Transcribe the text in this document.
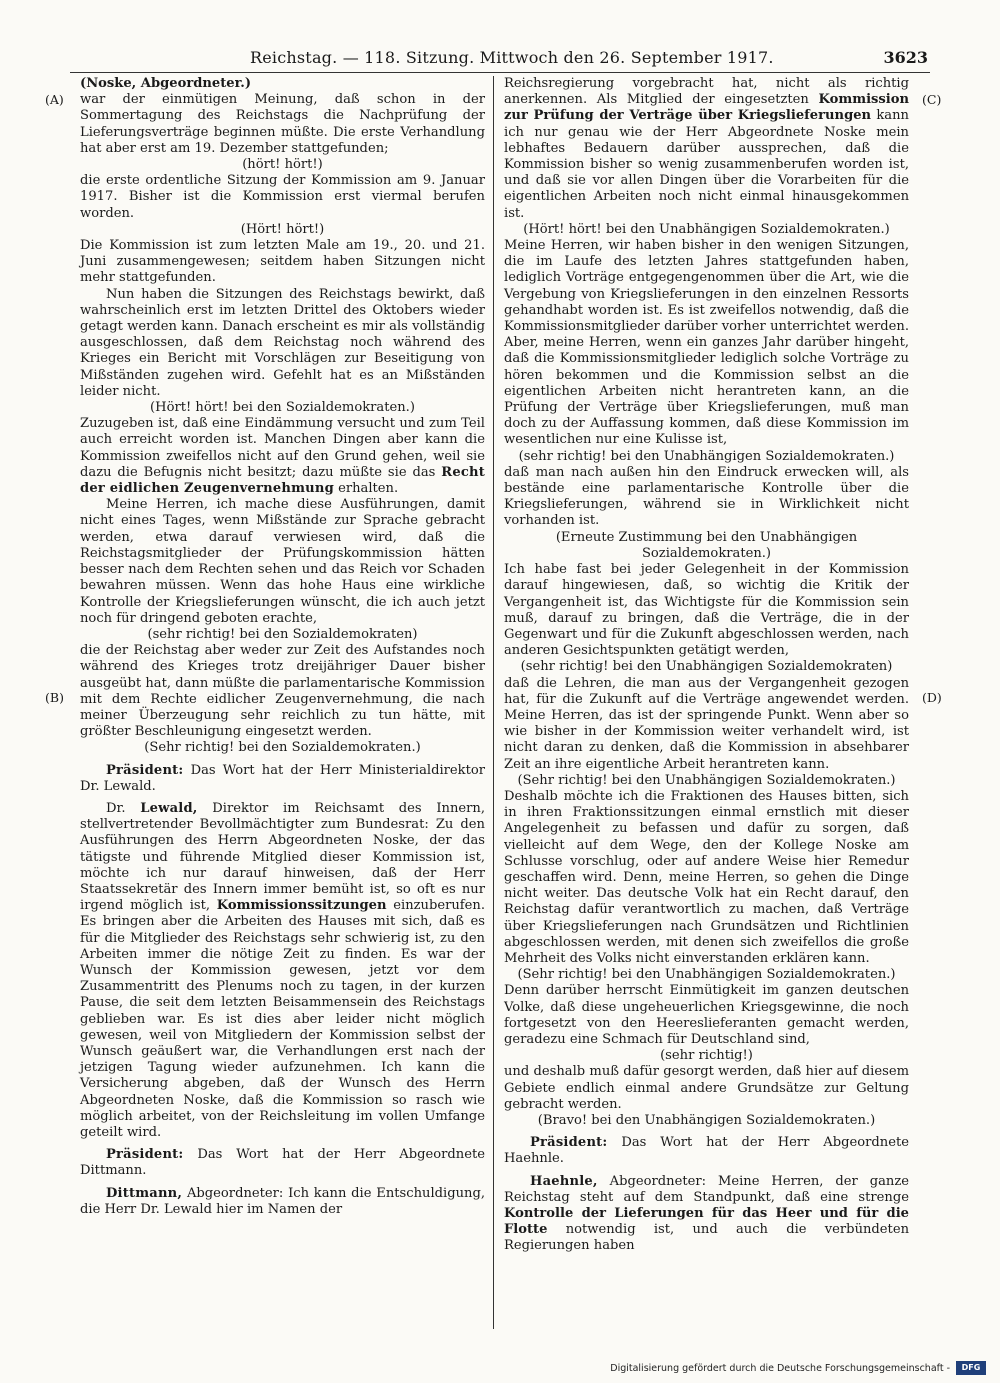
Reichstag. — 118. Sitzung. Mittwoch den 26. September 1917.	3623
(A)
(B)
(C)
(D)

(Noske, Abgeordneter.)

war der einmütigen Meinung, daß schon in der Sommertagung des Reichstags die Nachprüfung der Lieferungsverträge beginnen müßte. Die erste Verhandlung hat aber erst am 19. Dezember stattgefunden;

(hört! hört!)

die erste ordentliche Sitzung der Kommission am 9. Januar 1917. Bisher ist die Kommission erst viermal berufen worden.

(Hört! hört!)

Die Kommission ist zum letzten Male am 19., 20. und 21. Juni zusammengewesen; seitdem haben Sitzungen nicht mehr stattgefunden.

Nun haben die Sitzungen des Reichstags bewirkt, daß wahrscheinlich erst im letzten Drittel des Oktobers wieder getagt werden kann. Danach erscheint es mir als vollständig ausgeschlossen, daß dem Reichstag noch während des Krieges ein Bericht mit Vorschlägen zur Beseitigung von Mißständen zugehen wird. Gefehlt hat es an Mißständen leider nicht.

(Hört! hört! bei den Sozialdemokraten.)

Zuzugeben ist, daß eine Eindämmung versucht und zum Teil auch erreicht worden ist. Manchen Dingen aber kann die Kommission zweifellos nicht auf den Grund gehen, weil sie dazu die Befugnis nicht besitzt; dazu müßte sie das Recht der eidlichen Zeugenvernehmung erhalten.

Meine Herren, ich mache diese Ausführungen, damit nicht eines Tages, wenn Mißstände zur Sprache gebracht werden, etwa darauf verwiesen wird, daß die Reichstagsmitglieder der Prüfungskommission hätten besser nach dem Rechten sehen und das Reich vor Schaden bewahren müssen. Wenn das hohe Haus eine wirkliche Kontrolle der Kriegslieferungen wünscht, die ich auch jetzt noch für dringend geboten erachte,

(sehr richtig! bei den Sozialdemokraten)

die der Reichstag aber weder zur Zeit des Aufstandes noch während des Krieges trotz dreijähriger Dauer bisher ausgeübt hat, dann müßte die parlamentarische Kommission mit dem Rechte eidlicher Zeugenvernehmung, die nach meiner Überzeugung sehr reichlich zu tun hätte, mit größter Beschleunigung eingesetzt werden.

(Sehr richtig! bei den Sozialdemokraten.)

Präsident: Das Wort hat der Herr Ministerialdirektor Dr. Lewald.

Dr. Lewald, Direktor im Reichsamt des Innern, stellvertretender Bevollmächtigter zum Bundesrat: Zu den Ausführungen des Herrn Abgeordneten Noske, der das tätigste und führende Mitglied dieser Kommission ist, möchte ich nur darauf hinweisen, daß der Herr Staatssekretär des Innern immer bemüht ist, so oft es nur irgend möglich ist, Kommissionssitzungen einzuberufen. Es bringen aber die Arbeiten des Hauses mit sich, daß es für die Mitglieder des Reichstags sehr schwierig ist, zu den Arbeiten immer die nötige Zeit zu finden. Es war der Wunsch der Kommission gewesen, jetzt vor dem Zusammentritt des Plenums noch zu tagen, in der kurzen Pause, die seit dem letzten Beisammensein des Reichstags geblieben war. Es ist dies aber leider nicht möglich gewesen, weil von Mitgliedern der Kommission selbst der Wunsch geäußert war, die Verhandlungen erst nach der jetzigen Tagung wieder aufzunehmen. Ich kann die Versicherung abgeben, daß der Wunsch des Herrn Abgeordneten Noske, daß die Kommission so rasch wie möglich arbeitet, von der Reichsleitung im vollen Umfange geteilt wird.

Präsident: Das Wort hat der Herr Abgeordnete Dittmann.

Dittmann, Abgeordneter: Ich kann die Entschuldigung, die Herr Dr. Lewald hier im Namen der

Reichsregierung vorgebracht hat, nicht als richtig anerkennen. Als Mitglied der eingesetzten Kommission zur Prüfung der Verträge über Kriegslieferungen kann ich nur genau wie der Herr Abgeordnete Noske mein lebhaftes Bedauern darüber aussprechen, daß die Kommission bisher so wenig zusammenberufen worden ist, und daß sie vor allen Dingen über die Vorarbeiten für die eigentlichen Arbeiten noch nicht einmal hinausgekommen ist.

(Hört! hört! bei den Unabhängigen Sozialdemokraten.)

Meine Herren, wir haben bisher in den wenigen Sitzungen, die im Laufe des letzten Jahres stattgefunden haben, lediglich Vorträge entgegengenommen über die Art, wie die Vergebung von Kriegslieferungen in den einzelnen Ressorts gehandhabt worden ist. Es ist zweifellos notwendig, daß die Kommissionsmitglieder darüber vorher unterrichtet werden. Aber, meine Herren, wenn ein ganzes Jahr darüber hingeht, daß die Kommissionsmitglieder lediglich solche Vorträge zu hören bekommen und die Kommission selbst an die eigentlichen Arbeiten nicht herantreten kann, an die Prüfung der Verträge über Kriegslieferungen, muß man doch zu der Auffassung kommen, daß diese Kommission im wesentlichen nur eine Kulisse ist,

(sehr richtig! bei den Unabhängigen Sozialdemokraten.)

daß man nach außen hin den Eindruck erwecken will, als bestände eine parlamentarische Kontrolle über die Kriegslieferungen, während sie in Wirklichkeit nicht vorhanden ist.

(Erneute Zustimmung bei den Unabhängigen Sozialdemokraten.)

Ich habe fast bei jeder Gelegenheit in der Kommission darauf hingewiesen, daß, so wichtig die Kritik der Vergangenheit ist, das Wichtigste für die Kommission sein muß, darauf zu bringen, daß die Verträge, die in der Gegenwart und für die Zukunft abgeschlossen werden, nach anderen Gesichtspunkten getätigt werden,

(sehr richtig! bei den Unabhängigen Sozialdemokraten)

daß die Lehren, die man aus der Vergangenheit gezogen hat, für die Zukunft auf die Verträge angewendet werden. Meine Herren, das ist der springende Punkt. Wenn aber so wie bisher in der Kommission weiter verhandelt wird, ist nicht daran zu denken, daß die Kommission in absehbarer Zeit an ihre eigentliche Arbeit herantreten kann.

(Sehr richtig! bei den Unabhängigen Sozialdemokraten.)

Deshalb möchte ich die Fraktionen des Hauses bitten, sich in ihren Fraktionssitzungen einmal ernstlich mit dieser Angelegenheit zu befassen und dafür zu sorgen, daß vielleicht auf dem Wege, den der Kollege Noske am Schlusse vorschlug, oder auf andere Weise hier Remedur geschaffen wird. Denn, meine Herren, so gehen die Dinge nicht weiter. Das deutsche Volk hat ein Recht darauf, den Reichstag dafür verantwortlich zu machen, daß Verträge über Kriegslieferungen nach Grundsätzen und Richtlinien abgeschlossen werden, mit denen sich zweifellos die große Mehrheit des Volks nicht einverstanden erklären kann.

(Sehr richtig! bei den Unabhängigen Sozialdemokraten.)

Denn darüber herrscht Einmütigkeit im ganzen deutschen Volke, daß diese ungeheuerlichen Kriegsgewinne, die noch fortgesetzt von den Heereslieferanten gemacht werden, geradezu eine Schmach für Deutschland sind,

(sehr richtig!)

und deshalb muß dafür gesorgt werden, daß hier auf diesem Gebiete endlich einmal andere Grundsätze zur Geltung gebracht werden.

(Bravo! bei den Unabhängigen Sozialdemokraten.)

Präsident: Das Wort hat der Herr Abgeordnete Haehnle.

Haehnle, Abgeordneter: Meine Herren, der ganze Reichstag steht auf dem Standpunkt, daß eine strenge Kontrolle der Lieferungen für das Heer und für die Flotte notwendig ist, und auch die verbündeten Regierungen haben

Digitalisierung gefördert durch die Deutsche Forschungsgemeinschaft -	DFG
